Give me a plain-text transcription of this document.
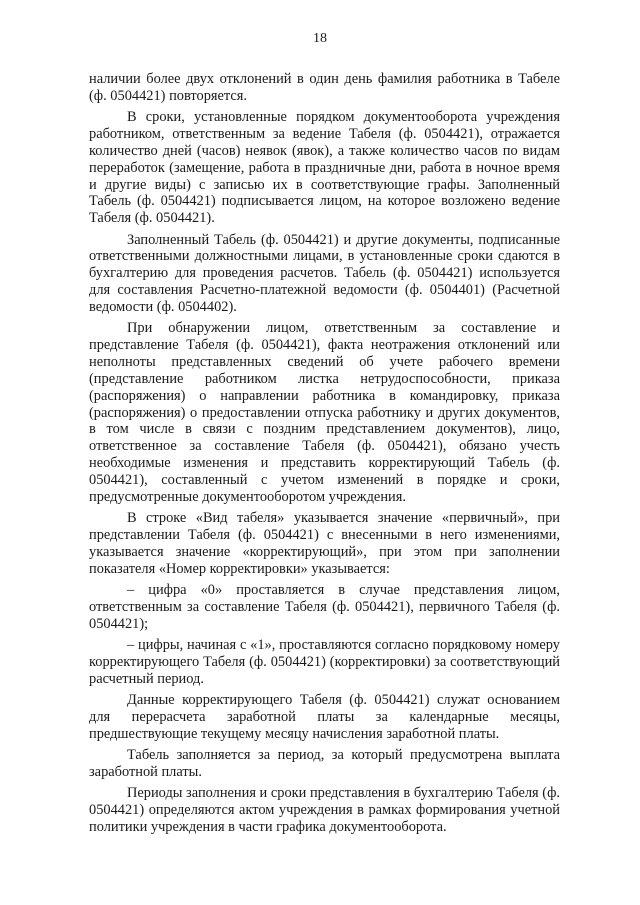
18

наличии более двух отклонений в один день фамилия работника в Табеле (ф. 0504421) повторяется.

В сроки, установленные порядком документооборота учреждения работником, ответственным за ведение Табеля (ф. 0504421), отражается количество дней (часов) неявок (явок), а также количество часов по видам переработок (замещение, работа в праздничные дни, работа в ночное время и другие виды) с записью их в соответствующие графы. Заполненный Табель (ф. 0504421) подписывается лицом, на которое возложено ведение Табеля (ф. 0504421).

Заполненный Табель (ф. 0504421) и другие документы, подписанные ответственными должностными лицами, в установленные сроки сдаются в бухгалтерию для проведения расчетов. Табель (ф. 0504421) используется для составления Расчетно-платежной ведомости (ф. 0504401) (Расчетной ведомости (ф. 0504402).

При обнаружении лицом, ответственным за составление и представление Табеля (ф. 0504421), факта неотражения отклонений или неполноты представленных сведений об учете рабочего времени (представление работником листка нетрудоспособности, приказа (распоряжения) о направлении работника в командировку, приказа (распоряжения) о предоставлении отпуска работнику и других документов, в том числе в связи с поздним представлением документов), лицо, ответственное за составление Табеля (ф. 0504421), обязано учесть необходимые изменения и представить корректирующий Табель (ф. 0504421), составленный с учетом изменений в порядке и сроки, предусмотренные документооборотом учреждения.

В строке «Вид табеля» указывается значение «первичный», при представлении Табеля (ф. 0504421) с внесенными в него изменениями, указывается значение «корректирующий», при этом при заполнении показателя «Номер корректировки» указывается:

– цифра «0» проставляется в случае представления лицом, ответственным за составление Табеля (ф. 0504421), первичного Табеля (ф. 0504421);

– цифры, начиная с «1», проставляются согласно порядковому номеру корректирующего Табеля (ф. 0504421) (корректировки) за соответствующий расчетный период.

Данные корректирующего Табеля (ф. 0504421) служат основанием для перерасчета заработной платы за календарные месяцы, предшествующие текущему месяцу начисления заработной платы.

Табель заполняется за период, за который предусмотрена выплата заработной платы.

Периоды заполнения и сроки представления в бухгалтерию Табеля (ф. 0504421) определяются актом учреждения в рамках формирования учетной политики учреждения в части графика документооборота.
